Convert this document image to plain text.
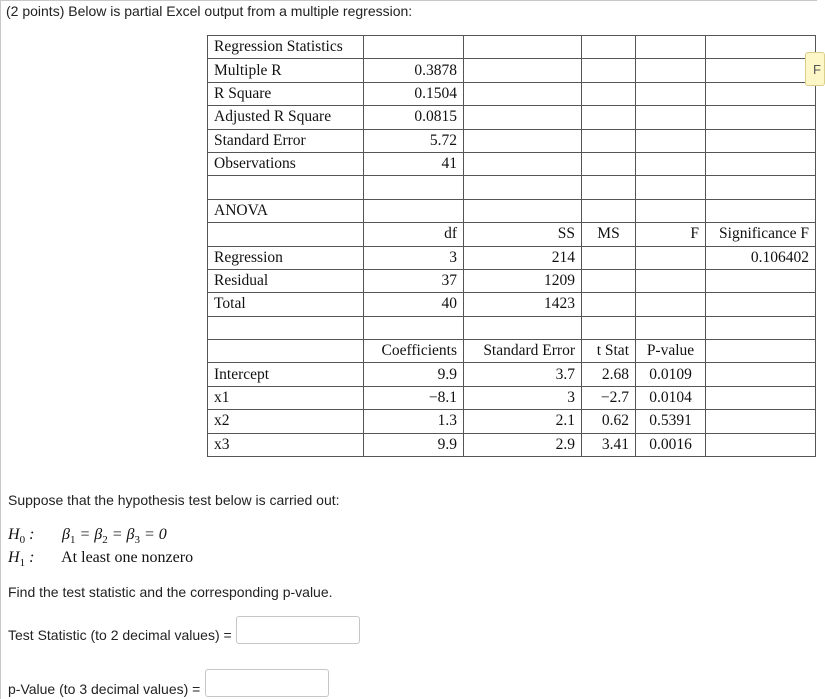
(2 points) Below is partial Excel output from a multiple regression:
Regression Statistics					
Multiple R	0.3878				
R Square	0.1504				
Adjusted R Square	0.0815				
Standard Error	5.72				
Observations	41				

ANOVA					
	df	SS	MS	F	Significance F
Regression	3	214			0.106402
Residual	37	1209			
Total	40	1423			

	Coefficients	Standard Error	t Stat	P-value	
Intercept	9.9	3.7	2.68	0.0109	
x1	−8.1	3	−2.7	0.0104	
x2	1.3	2.1	0.62	0.5391	
x3	9.9	2.9	3.41	0.0016	
F
Suppose that the hypothesis test below is carried out:
$H_0$ : $\beta_1 = \beta_2 = \beta_3 = 0$
$H_1$ : At least one nonzero
Find the test statistic and the corresponding p-value.
Test Statistic (to 2 decimal values) =
p-Value (to 3 decimal values) =
